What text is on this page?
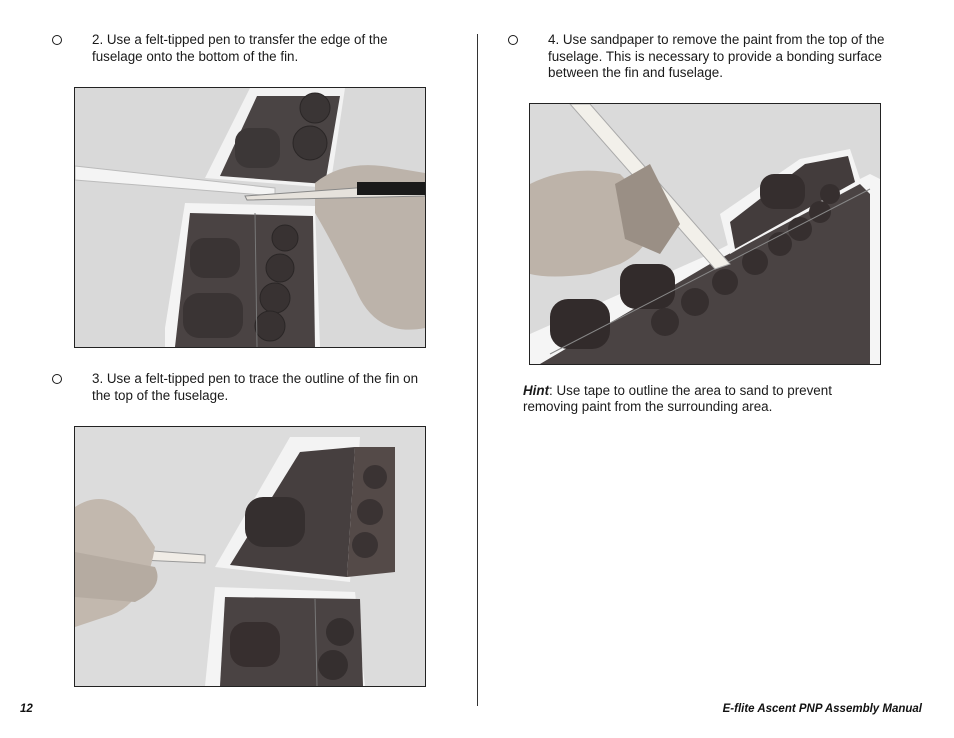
2. Use a felt-tipped pen to transfer the edge of the fuselage onto the bottom of the fin.
3. Use a felt-tipped pen to trace the outline of the fin on the top of the fuselage.
4. Use sandpaper to remove the paint from the top of the fuselage. This is necessary to provide a bonding surface between the fin and fuselage.
Hint: Use tape to outline the area to sand to prevent removing paint from the surrounding area.
12	E-flite Ascent PNP Assembly Manual
